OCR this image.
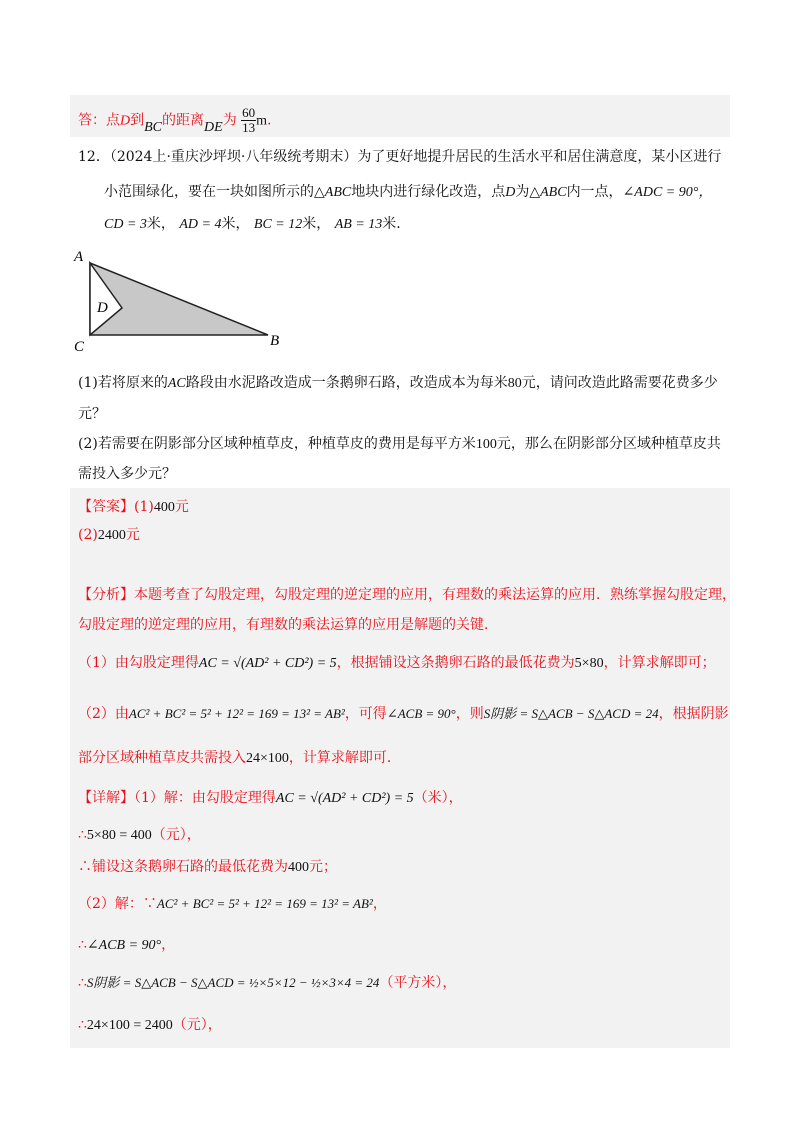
答：点D到BC的距离DE为 $\frac{60}{13} m$.
12．（2024上·重庆沙坪坝·八年级统考期末）为了更好地提升居民的生活水平和居住满意度，某小区进行
小范围绿化，要在一块如图所示的△ABC地块内进行绿化改造，点D为△ABC内一点，∠ADC = 90°，
CD = 3米， AD = 4米， BC = 12米， AB = 13米.
A
B
C
D
(1)若将原来的AC路段由水泥路改造成一条鹅卵石路，改造成本为每米80元，请问改造此路需要花费多少
元？
(2)若需要在阴影部分区域种植草皮，种植草皮的费用是每平方米100元，那么在阴影部分区域种植草皮共
需投入多少元？
【答案】(1)400元
(2)2400元
【分析】本题考查了勾股定理，勾股定理的逆定理的应用，有理数的乘法运算的应用．熟练掌握勾股定理，
勾股定理的逆定理的应用，有理数的乘法运算的应用是解题的关键．
（1）由勾股定理得AC = √(AD² + CD²) = 5，根据铺设这条鹅卵石路的最低花费为5×80，计算求解即可；
（2）由AC² + BC² = 5² + 12² = 169 = 13² = AB²，可得∠ACB = 90°，则S阴影 = S△ACB − S△ACD = 24，根据阴影
部分区域种植草皮共需投入24×100，计算求解即可．
【详解】（1）解：由勾股定理得AC = √(AD² + CD²) = 5（米），
∴5×80 = 400（元），
∴铺设这条鹅卵石路的最低花费为400元；
（2）解：∵AC² + BC² = 5² + 12² = 169 = 13² = AB²，
∴∠ACB = 90°，
∴S阴影 = S△ACB − S△ACD = ½×5×12 − ½×3×4 = 24（平方米），
∴24×100 = 2400（元），
